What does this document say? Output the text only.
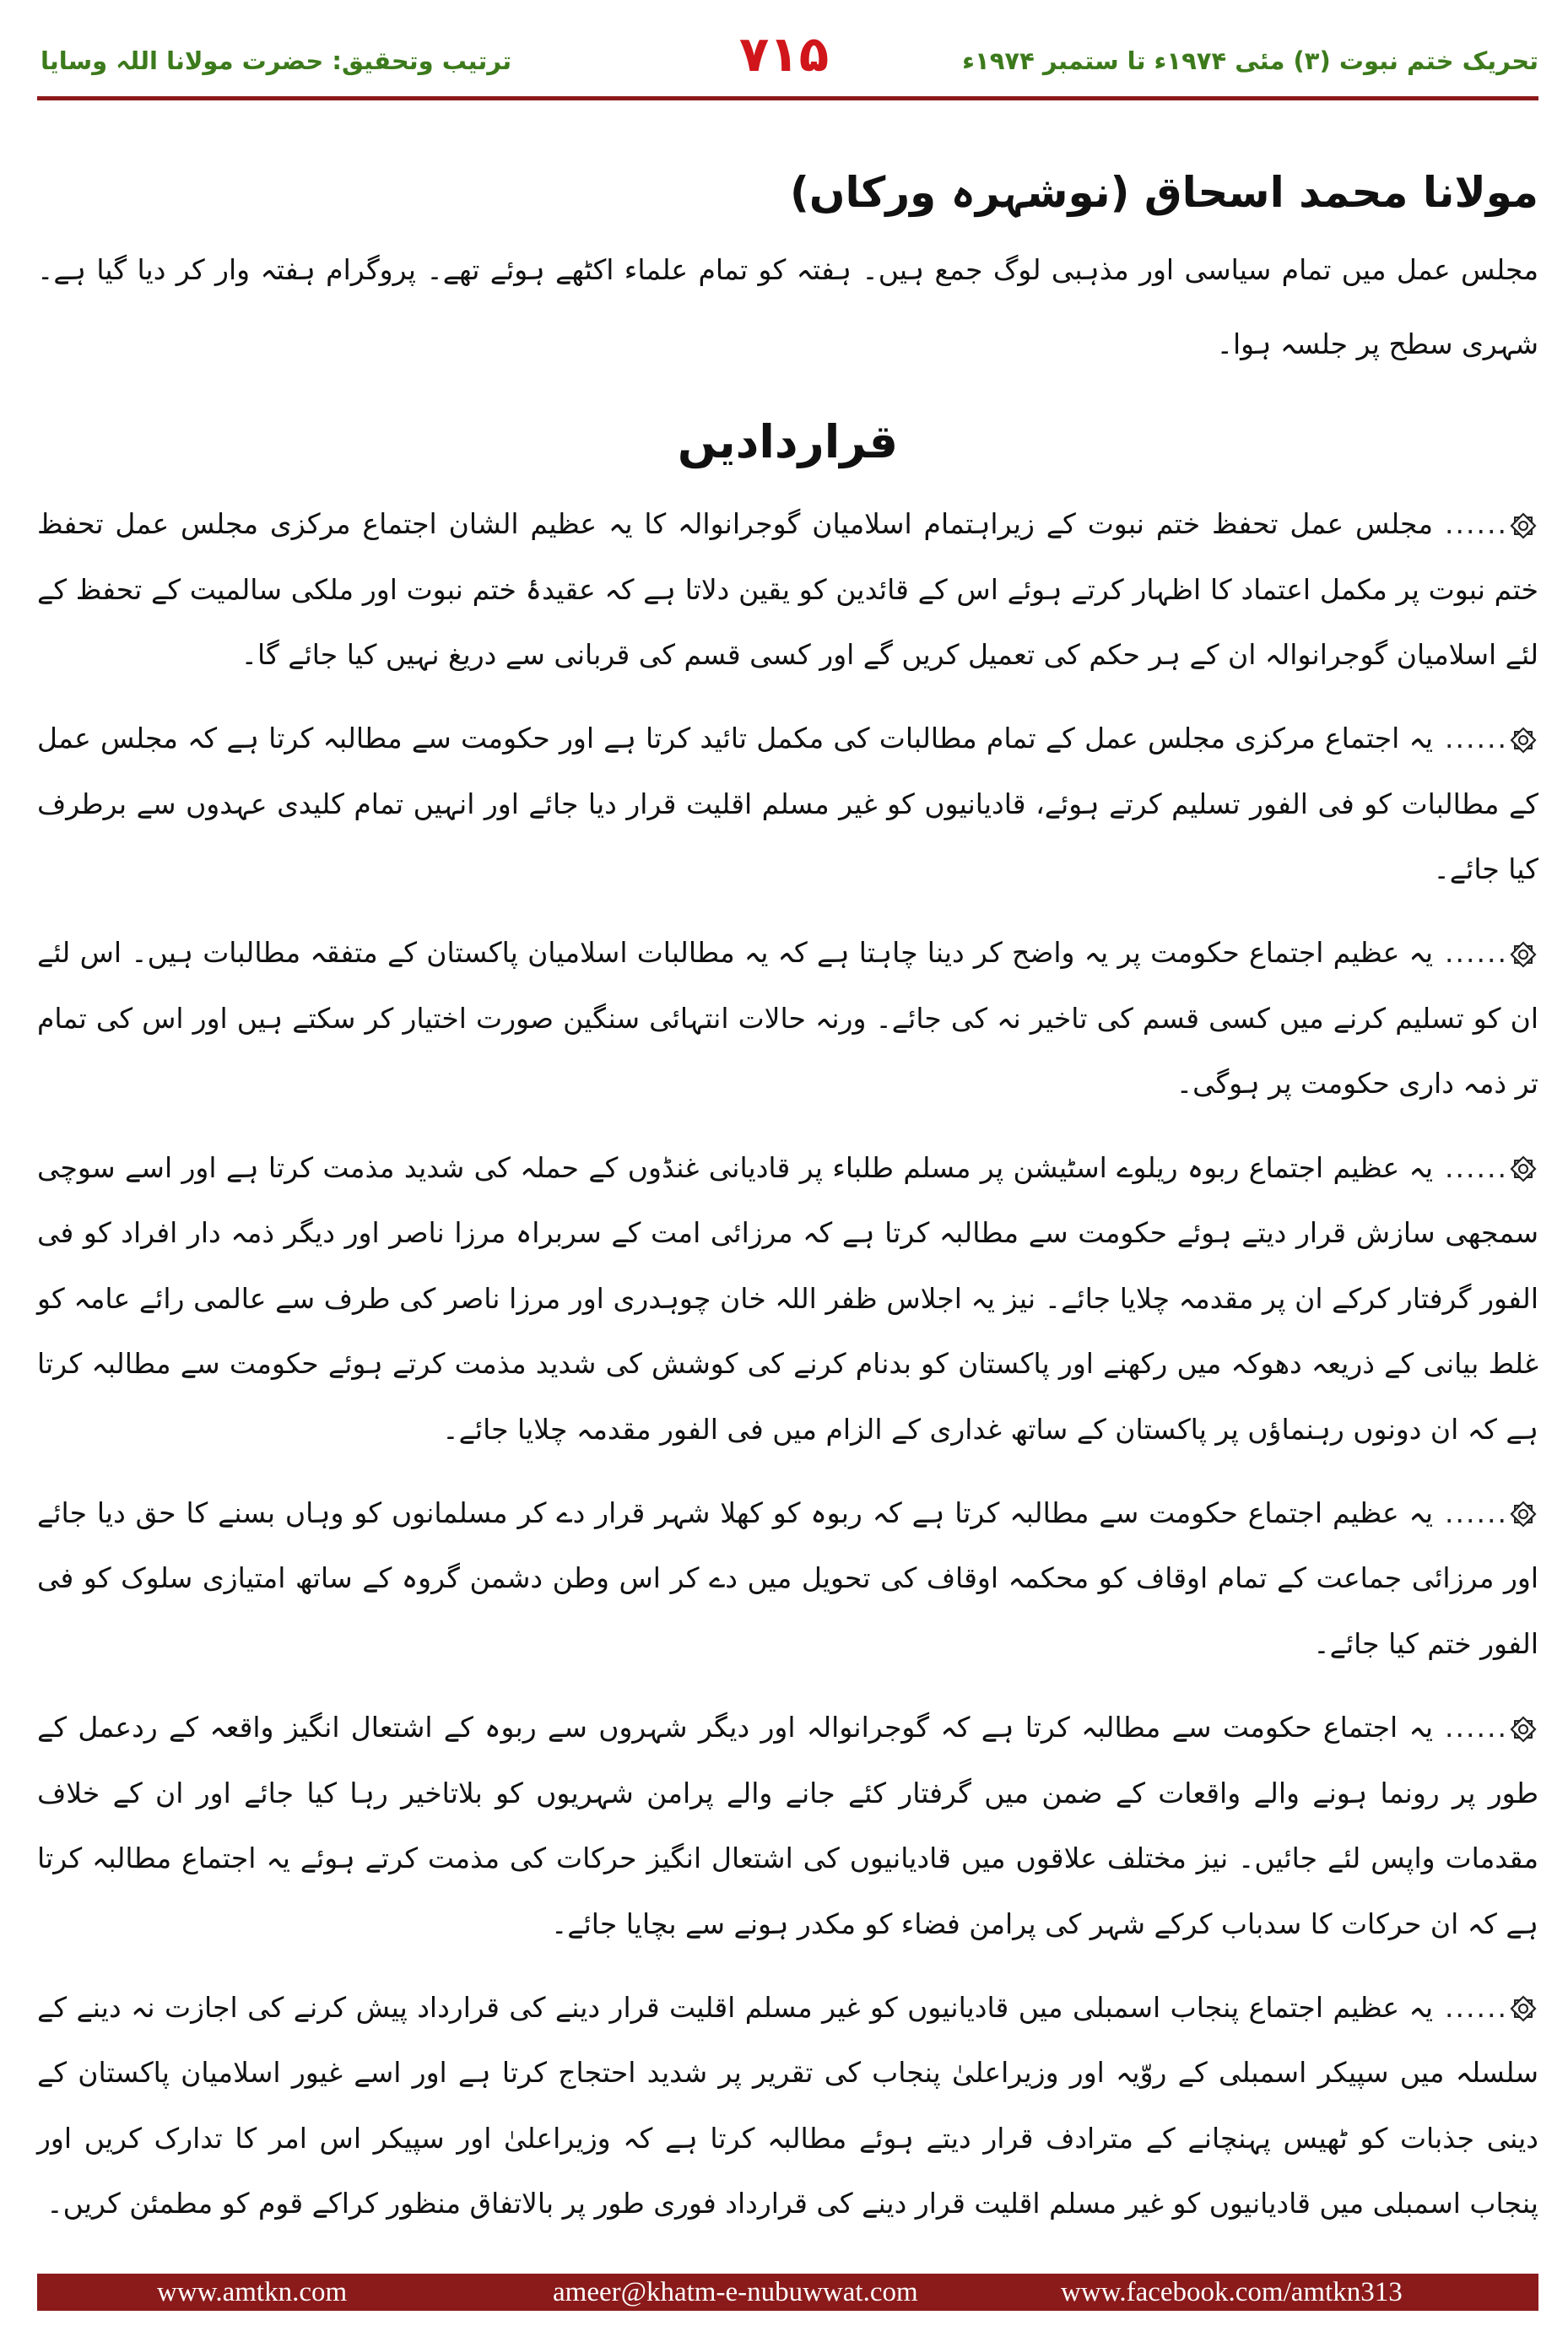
تحریک ختم نبوت (۳) مئی ۱۹۷۴ء تا ستمبر ۱۹۷۴ء
۷۱۵
ترتیب وتحقیق: حضرت مولانا اللہ وسایا
مولانا محمد اسحاق (نوشہرہ ورکاں)

مجلس عمل میں تمام سیاسی اور مذہبی لوگ جمع ہیں۔ ہفتہ کو تمام علماء اکٹھے ہوئے تھے۔ پروگرام ہفتہ وار کر دیا گیا ہے۔ شہری سطح پر جلسہ ہوا۔

قراردادیں

......مجلس عمل تحفظ ختم نبوت کے زیراہتمام اسلامیان گوجرانوالہ کا یہ عظیم الشان اجتماع مرکزی مجلس عمل تحفظ ختم نبوت پر مکمل اعتماد کا اظہار کرتے ہوئے اس کے قائدین کو یقین دلاتا ہے کہ عقیدۂ ختم نبوت اور ملکی سالمیت کے تحفظ کے لئے اسلامیان گوجرانوالہ ان کے ہر حکم کی تعمیل کریں گے اور کسی قسم کی قربانی سے دریغ نہیں کیا جائے گا۔

......یہ اجتماع مرکزی مجلس عمل کے تمام مطالبات کی مکمل تائید کرتا ہے اور حکومت سے مطالبہ کرتا ہے کہ مجلس عمل کے مطالبات کو فی الفور تسلیم کرتے ہوئے، قادیانیوں کو غیر مسلم اقلیت قرار دیا جائے اور انہیں تمام کلیدی عہدوں سے برطرف کیا جائے۔

......یہ عظیم اجتماع حکومت پر یہ واضح کر دینا چاہتا ہے کہ یہ مطالبات اسلامیان پاکستان کے متفقہ مطالبات ہیں۔ اس لئے ان کو تسلیم کرنے میں کسی قسم کی تاخیر نہ کی جائے۔ ورنہ حالات انتہائی سنگین صورت اختیار کر سکتے ہیں اور اس کی تمام تر ذمہ داری حکومت پر ہوگی۔

......یہ عظیم اجتماع ربوہ ریلوے اسٹیشن پر مسلم طلباء پر قادیانی غنڈوں کے حملہ کی شدید مذمت کرتا ہے اور اسے سوچی سمجھی سازش قرار دیتے ہوئے حکومت سے مطالبہ کرتا ہے کہ مرزائی امت کے سربراہ مرزا ناصر اور دیگر ذمہ دار افراد کو فی الفور گرفتار کرکے ان پر مقدمہ چلایا جائے۔ نیز یہ اجلاس ظفر اللہ خان چوہدری اور مرزا ناصر کی طرف سے عالمی رائے عامہ کو غلط بیانی کے ذریعہ دھوکہ میں رکھنے اور پاکستان کو بدنام کرنے کی کوشش کی شدید مذمت کرتے ہوئے حکومت سے مطالبہ کرتا ہے کہ ان دونوں رہنماؤں پر پاکستان کے ساتھ غداری کے الزام میں فی الفور مقدمہ چلایا جائے۔

......یہ عظیم اجتماع حکومت سے مطالبہ کرتا ہے کہ ربوہ کو کھلا شہر قرار دے کر مسلمانوں کو وہاں بسنے کا حق دیا جائے اور مرزائی جماعت کے تمام اوقاف کو محکمہ اوقاف کی تحویل میں دے کر اس وطن دشمن گروہ کے ساتھ امتیازی سلوک کو فی الفور ختم کیا جائے۔

......یہ اجتماع حکومت سے مطالبہ کرتا ہے کہ گوجرانوالہ اور دیگر شہروں سے ربوہ کے اشتعال انگیز واقعہ کے ردعمل کے طور پر رونما ہونے والے واقعات کے ضمن میں گرفتار کئے جانے والے پرامن شہریوں کو بلاتاخیر رہا کیا جائے اور ان کے خلاف مقدمات واپس لئے جائیں۔ نیز مختلف علاقوں میں قادیانیوں کی اشتعال انگیز حرکات کی مذمت کرتے ہوئے یہ اجتماع مطالبہ کرتا ہے کہ ان حرکات کا سدباب کرکے شہر کی پرامن فضاء کو مکدر ہونے سے بچایا جائے۔

......یہ عظیم اجتماع پنجاب اسمبلی میں قادیانیوں کو غیر مسلم اقلیت قرار دینے کی قرارداد پیش کرنے کی اجازت نہ دینے کے سلسلہ میں سپیکر اسمبلی کے روّیہ اور وزیراعلیٰ پنجاب کی تقریر پر شدید احتجاج کرتا ہے اور اسے غیور اسلامیان پاکستان کے دینی جذبات کو ٹھیس پہنچانے کے مترادف قرار دیتے ہوئے مطالبہ کرتا ہے کہ وزیراعلیٰ اور سپیکر اس امر کا تدارک کریں اور پنجاب اسمبلی میں قادیانیوں کو غیر مسلم اقلیت قرار دینے کی قرارداد فوری طور پر بالاتفاق منظور کراکے قوم کو مطمئن کریں۔

www.amtkn.com	ameer@khatm-e-nubuwwat.com	www.facebook.com/amtkn313
